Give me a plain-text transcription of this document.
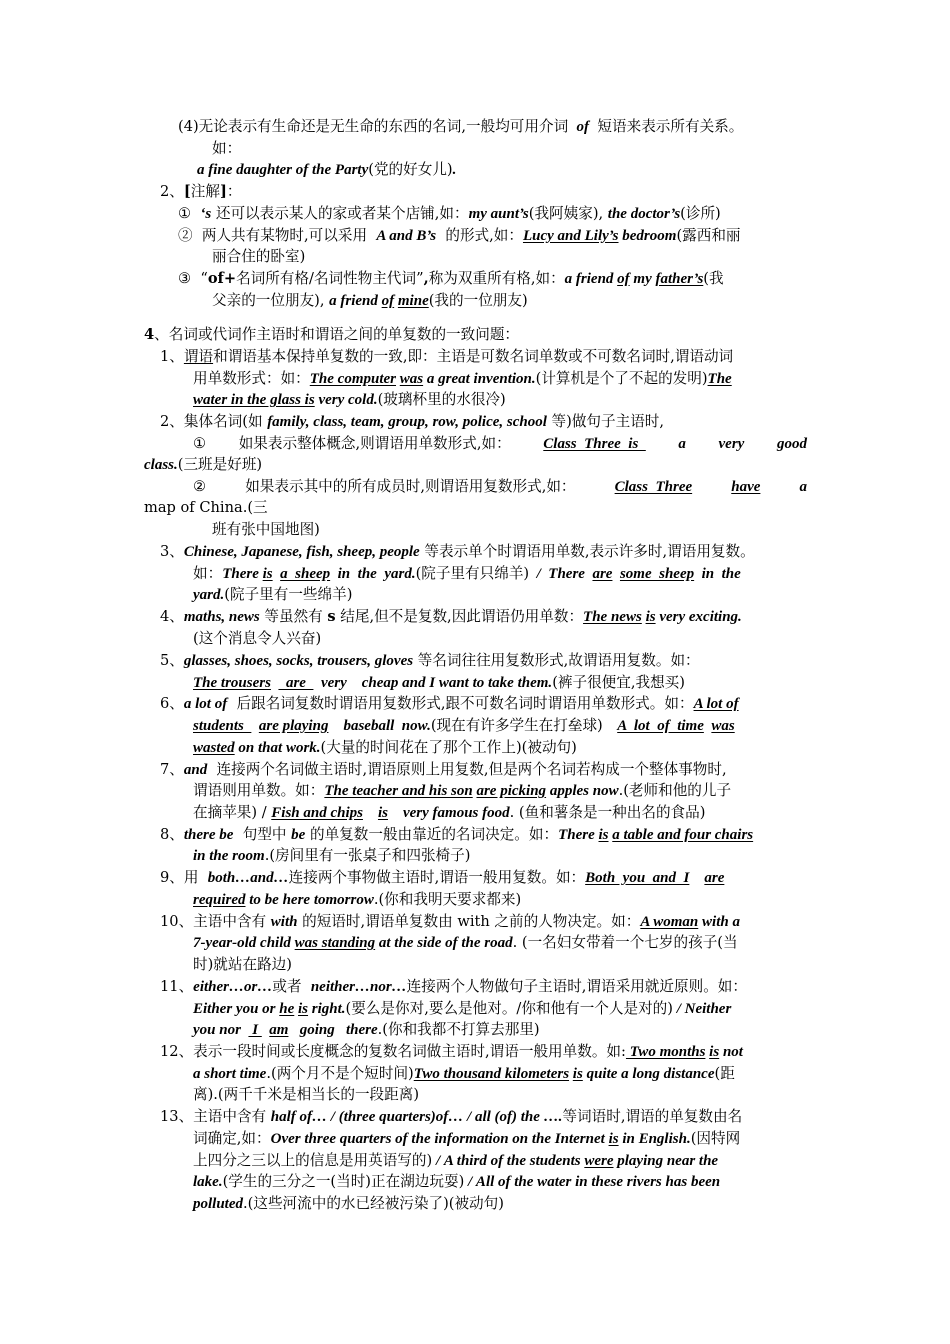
(4)无论表示有生命还是无生命的东西的名词,一般均可用介词  of  短语来表示所有关系。
如：
a fine daughter of the Party(党的好女儿).
2、[注解]：
①  ‘s 还可以表示某人的家或者某个店铺,如：my aunt’s(我阿姨家), the doctor’s(诊所)
②  两人共有某物时,可以采用  A and B’s  的形式,如：Lucy and Lily’s bedroom(露西和丽
丽合住的卧室)
③  “of+名词所有格/名词性物主代词”,称为双重所有格,如：a friend of my father’s(我
父亲的一位朋友), a friend of mine(我的一位朋友)
4、名词或代词作主语时和谓语之间的单复数的一致问题：
1、谓语和谓语基本保持单复数的一致,即：主语是可数名词单数或不可数名词时,谓语动词
用单数形式：如：The computer was a great invention.(计算机是个了不起的发明)The
water in the glass is very cold.(玻璃杯里的水很冷)
2、集体名词(如 family, class, team, group, row, police, school 等)做句子主语时,
① 如果表示整体概念,则谓语用单数形式,如： Class  Three  is a very good
class.(三班是好班)
②	如果表示其中的所有成员时,则谓语用复数形式,如：	Class  Three	have	a
map of China.(三
班有张中国地图)
3、Chinese, Japanese, fish, sheep, people 等表示单个时谓语用单数,表示许多时,谓语用复数。
如：There is a  sheep  in  the  yard.(院子里有只绵羊)  /  There  are some  sheep  in  the
yard.(院子里有一些绵羊)
4、maths, news 等虽然有 s 结尾,但不是复数,因此谓语仍用单数：The news is very exciting.
(这个消息令人兴奋)
5、glasses, shoes, socks, trousers, gloves 等名词往往用复数形式,故谓语用复数。如：
The trousers    are    very    cheap and I want to take them.(裤子很便宜,我想买)
6、a lot of  后跟名词复数时谓语用复数形式,跟不可数名词时谓语用单数形式。如：A lot of
students    are playing    baseball  now.(现在有许多学生在打垒球) A  lot  of  time was
wasted on that work.(大量的时间花在了那个工作上)(被动句)
7、and  连接两个名词做主语时,谓语原则上用复数,但是两个名词若构成一个整体事物时,
谓语则用单数。如：The teacher and his son are picking apples now.(老师和他的儿子
在摘苹果) / Fish and chips is    very famous food. (鱼和薯条是一种出名的食品)
8、there be  句型中 be 的单复数一般由靠近的名词决定。如：There is a table and four chairs
in the room.(房间里有一张桌子和四张椅子)
9、用  both…and…连接两个事物做主语时,谓语一般用复数。如：Both  you  and  I are
required to be here tomorrow.(你和我明天要求都来)
10、主语中含有 with 的短语时,谓语单复数由 with 之前的人物决定。如：A woman with a
7-year-old child was standing at the side of the road. (一名妇女带着一个七岁的孩子(当
时)就站在路边)
11、either…or…或者  neither…nor…连接两个人物做句子主语时,谓语采用就近原则。如：
Either you or he is right.(要么是你对,要么是他对。/你和他有一个人是对的) / Neither
you nor   I   am   going   there.(你和我都不打算去那里)
12、表示一段时间或长度概念的复数名词做主语时,谓语一般用单数。如: Two months is not
a short time.(两个月不是个短时间)Two thousand kilometers is quite a long distance(距
离).(两千千米是相当长的一段距离)
13、主语中含有 half of… / (three quarters)of… / all (of) the ….等词语时,谓语的单复数由名
词确定,如：Over three quarters of the information on the Internet is in English.(因特网
上四分之三以上的信息是用英语写的) / A third of the students were playing near the
lake.(学生的三分之一(当时)正在湖边玩耍) / All of the water in these rivers has been
polluted.(这些河流中的水已经被污染了)(被动句)
